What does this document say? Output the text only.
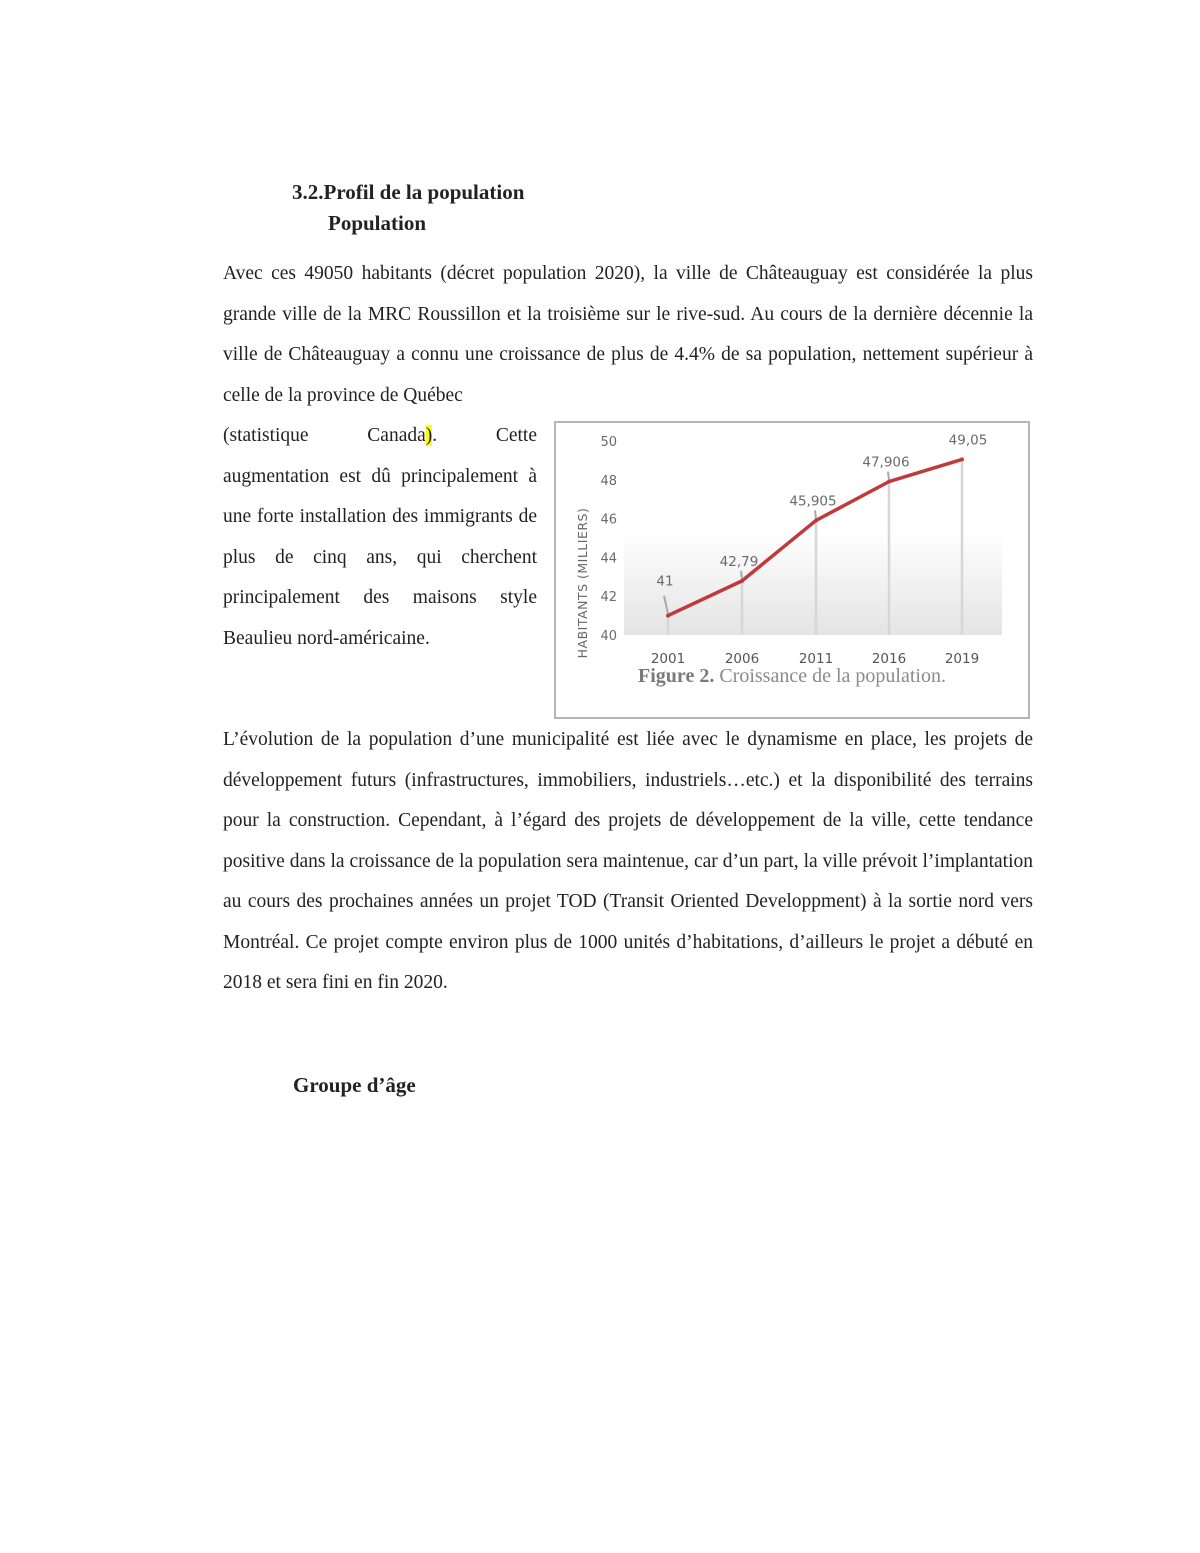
3.2.Profil de la population
Population
Avec ces 49050 habitants (décret population 2020), la ville de Châteauguay est considérée la plus grande ville de la MRC Roussillon et la troisième sur le rive-sud. Au cours de la dernière décennie la ville de Châteauguay a connu une croissance de plus de 4.4% de sa population, nettement supérieur à celle de la province de Québec
(statistique Canada). Cette augmentation est dû principalement à une forte installation des immigrants de plus de cinq ans, qui cherchent principalement des maisons style Beaulieu nord-américaine.	HABITANTS (MILLIERS) 40
42
44
46
48
50
2001	2006	2011	2016	2019
41
42,79
45,905
47,906
49,05
Figure 2. Croissance de la population.
L’évolution de la population d’une municipalité est liée avec le dynamisme en place, les projets de développement futurs (infrastructures, immobiliers, industriels…etc.) et la disponibilité des terrains pour la construction. Cependant, à l’égard des projets de développement de la ville, cette tendance positive dans la croissance de la population sera maintenue, car d’un part, la ville prévoit l’implantation au cours des prochaines années un projet TOD (Transit Oriented Developpment) à la sortie nord vers Montréal. Ce projet compte environ plus de 1000 unités d’habitations, d’ailleurs le projet a débuté en 2018 et sera fini en fin 2020.
Groupe d’âge
